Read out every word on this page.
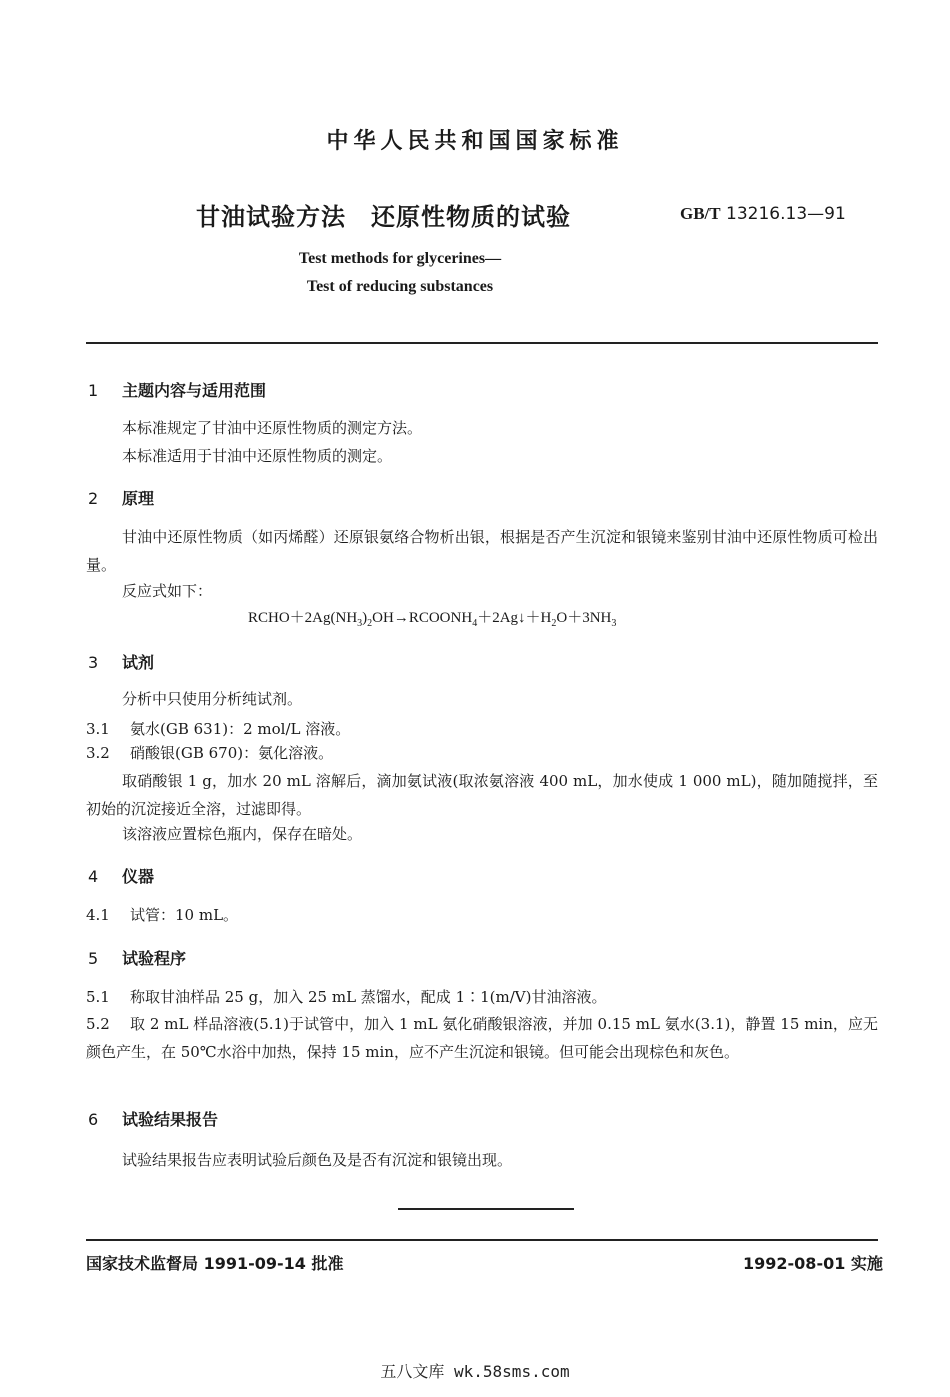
中华人民共和国国家标准
甘油试验方法　还原性物质的试验	GB/T 13216.13—91
Test methods for glycerines—
Test of reducing substances
1 主题内容与适用范围
本标准规定了甘油中还原性物质的测定方法。
本标准适用于甘油中还原性物质的测定。
2 原理
甘油中还原性物质（如丙烯醛）还原银氨络合物析出银，根据是否产生沉淀和银镜来鉴别甘油中还原性物质可检出量。
反应式如下：
$RCHO+2Ag(NH_3)_2OH\to RCOONH_4+2Ag↓+H_2O+3NH_3$
3 试剂
分析中只使用分析纯试剂。
3.1 氨水(GB 631)：2 mol/L 溶液。
3.2 硝酸银(GB 670)：氨化溶液。
取硝酸银 1 g，加水 20 mL 溶解后，滴加氨试液(取浓氨溶液 400 mL，加水使成 1 000 mL)，随加随搅拌，至初始的沉淀接近全溶，过滤即得。
该溶液应置棕色瓶内，保存在暗处。
4 仪器
4.1 试管：10 mL。
5 试验程序
5.1 称取甘油样品 25 g，加入 25 mL 蒸馏水，配成 1∶1(m/V)甘油溶液。
5.2 取 2 mL 样品溶液(5.1)于试管中，加入 1 mL 氨化硝酸银溶液，并加 0.15 mL 氨水(3.1)，静置 15 min，应无颜色产生，在 50℃水浴中加热，保持 15 min，应不产生沉淀和银镜。但可能会出现棕色和灰色。
6 试验结果报告
试验结果报告应表明试验后颜色及是否有沉淀和银镜出现。
国家技术监督局 1991-09-14 批准	1992-08-01 实施
五八文库 wk.58sms.com
